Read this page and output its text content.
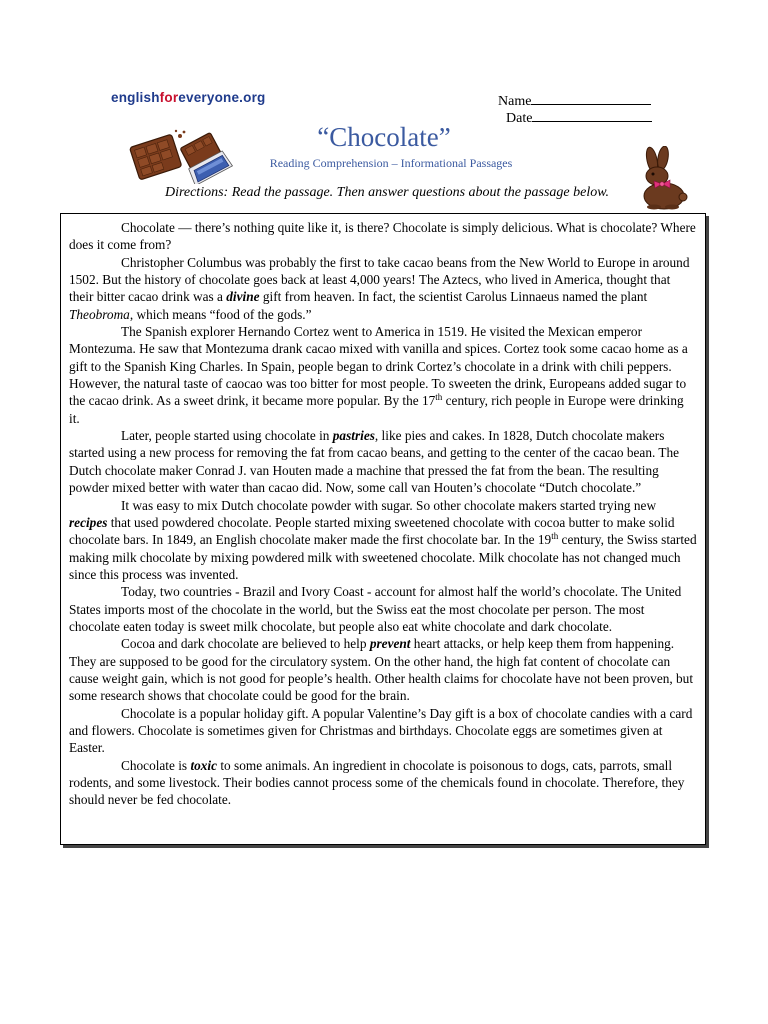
englishforeveryone.org	Name
Date
“Chocolate”
Reading Comprehension – Informational Passages
Directions: Read the passage. Then answer questions about the passage below.

Chocolate — there’s nothing quite like it, is there? Chocolate is simply delicious. What is chocolate? Where does it come from?

Christopher Columbus was probably the first to take cacao beans from the New World to Europe in around 1502. But the history of chocolate goes back at least 4,000 years! The Aztecs, who lived in America, thought that their bitter cacao drink was a divine gift from heaven. In fact, the scientist Carolus Linnaeus named the plant Theobroma, which means “food of the gods.”

The Spanish explorer Hernando Cortez went to America in 1519. He visited the Mexican emperor Montezuma. He saw that Montezuma drank cacao mixed with vanilla and spices. Cortez took some cacao home as a gift to the Spanish King Charles. In Spain, people began to drink Cortez’s chocolate in a drink with chili peppers. However, the natural taste of caocao was too bitter for most people. To sweeten the drink, Europeans added sugar to the cacao drink. As a sweet drink, it became more popular. By the 17th century, rich people in Europe were drinking it.

Later, people started using chocolate in pastries, like pies and cakes. In 1828, Dutch chocolate makers started using a new process for removing the fat from cacao beans, and getting to the center of the cacao bean. The Dutch chocolate maker Conrad J. van Houten made a machine that pressed the fat from the bean. The resulting powder mixed better with water than cacao did. Now, some call van Houten’s chocolate “Dutch chocolate.”

It was easy to mix Dutch chocolate powder with sugar. So other chocolate makers started trying new recipes that used powdered chocolate. People started mixing sweetened chocolate with cocoa butter to make solid chocolate bars. In 1849, an English chocolate maker made the first chocolate bar. In the 19th century, the Swiss started making milk chocolate by mixing powdered milk with sweetened chocolate. Milk chocolate has not changed much since this process was invented.

Today, two countries - Brazil and Ivory Coast - account for almost half the world’s chocolate. The United States imports most of the chocolate in the world, but the Swiss eat the most chocolate per person. The most chocolate eaten today is sweet milk chocolate, but people also eat white chocolate and dark chocolate.

Cocoa and dark chocolate are believed to help prevent heart attacks, or help keep them from happening. They are supposed to be good for the circulatory system. On the other hand, the high fat content of chocolate can cause weight gain, which is not good for people’s health. Other health claims for chocolate have not been proven, but some research shows that chocolate could be good for the brain.

Chocolate is a popular holiday gift. A popular Valentine’s Day gift is a box of chocolate candies with a card and flowers. Chocolate is sometimes given for Christmas and birthdays. Chocolate eggs are sometimes given at Easter.

Chocolate is toxic to some animals. An ingredient in chocolate is poisonous to dogs, cats, parrots, small rodents, and some livestock. Their bodies cannot process some of the chemicals found in chocolate. Therefore, they should never be fed chocolate.
